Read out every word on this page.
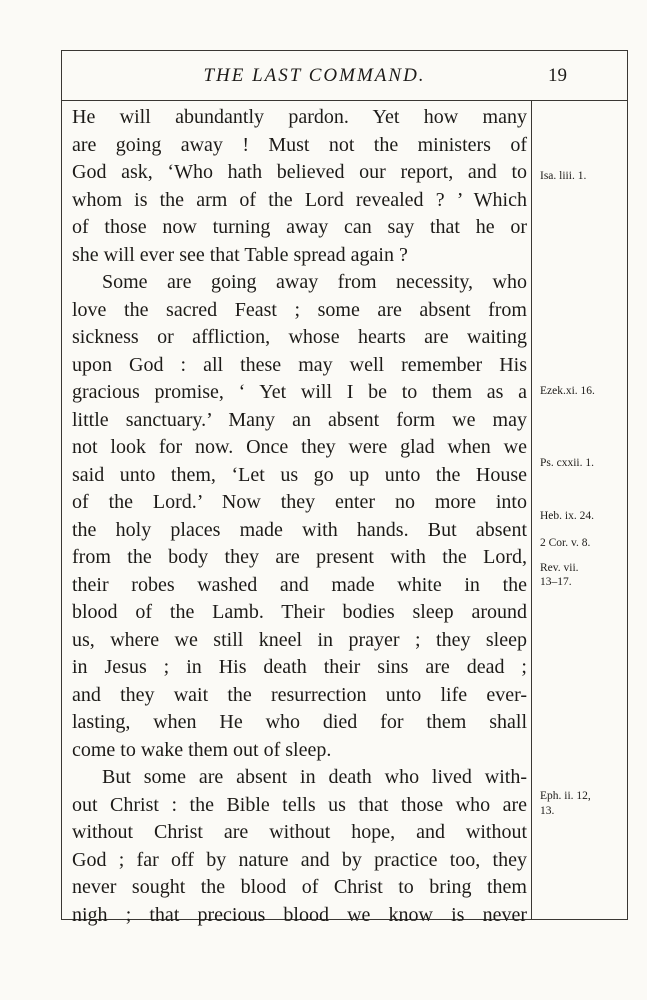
THE LAST COMMAND.	19
He will abundantly pardon. Yet how many
are going away ! Must not the ministers of
God ask, ‘Who hath believed our report, and to
whom is the arm of the Lord revealed ? ’ Which
of those now turning away can say that he or
she will ever see that Table spread again ?
Some are going away from necessity, who
love the sacred Feast ; some are absent from
sickness or affliction, whose hearts are waiting
upon God : all these may well remember His
gracious promise, ‘ Yet will I be to them as a
little sanctuary.’ Many an absent form we may
not look for now. Once they were glad when we
said unto them, ‘Let us go up unto the House
of the Lord.’ Now they enter no more into
the holy places made with hands. But absent
from the body they are present with the Lord,
their robes washed and made white in the
blood of the Lamb. Their bodies sleep around
us, where we still kneel in prayer ; they sleep
in Jesus ; in His death their sins are dead ;
and they wait the resurrection unto life ever-
lasting, when He who died for them shall
come to wake them out of sleep.
But some are absent in death who lived with-
out Christ : the Bible tells us that those who are
without Christ are without hope, and without
God ; far off by nature and by practice too, they
never sought the blood of Christ to bring them
nigh ; that precious blood we know is never
Isa. liii. 1.
Ezek.xi. 16.
Ps. cxxii. 1.
Heb. ix. 24.
2 Cor. v. 8.
Rev. vii.
13–17.
Eph. ii. 12,
13.
